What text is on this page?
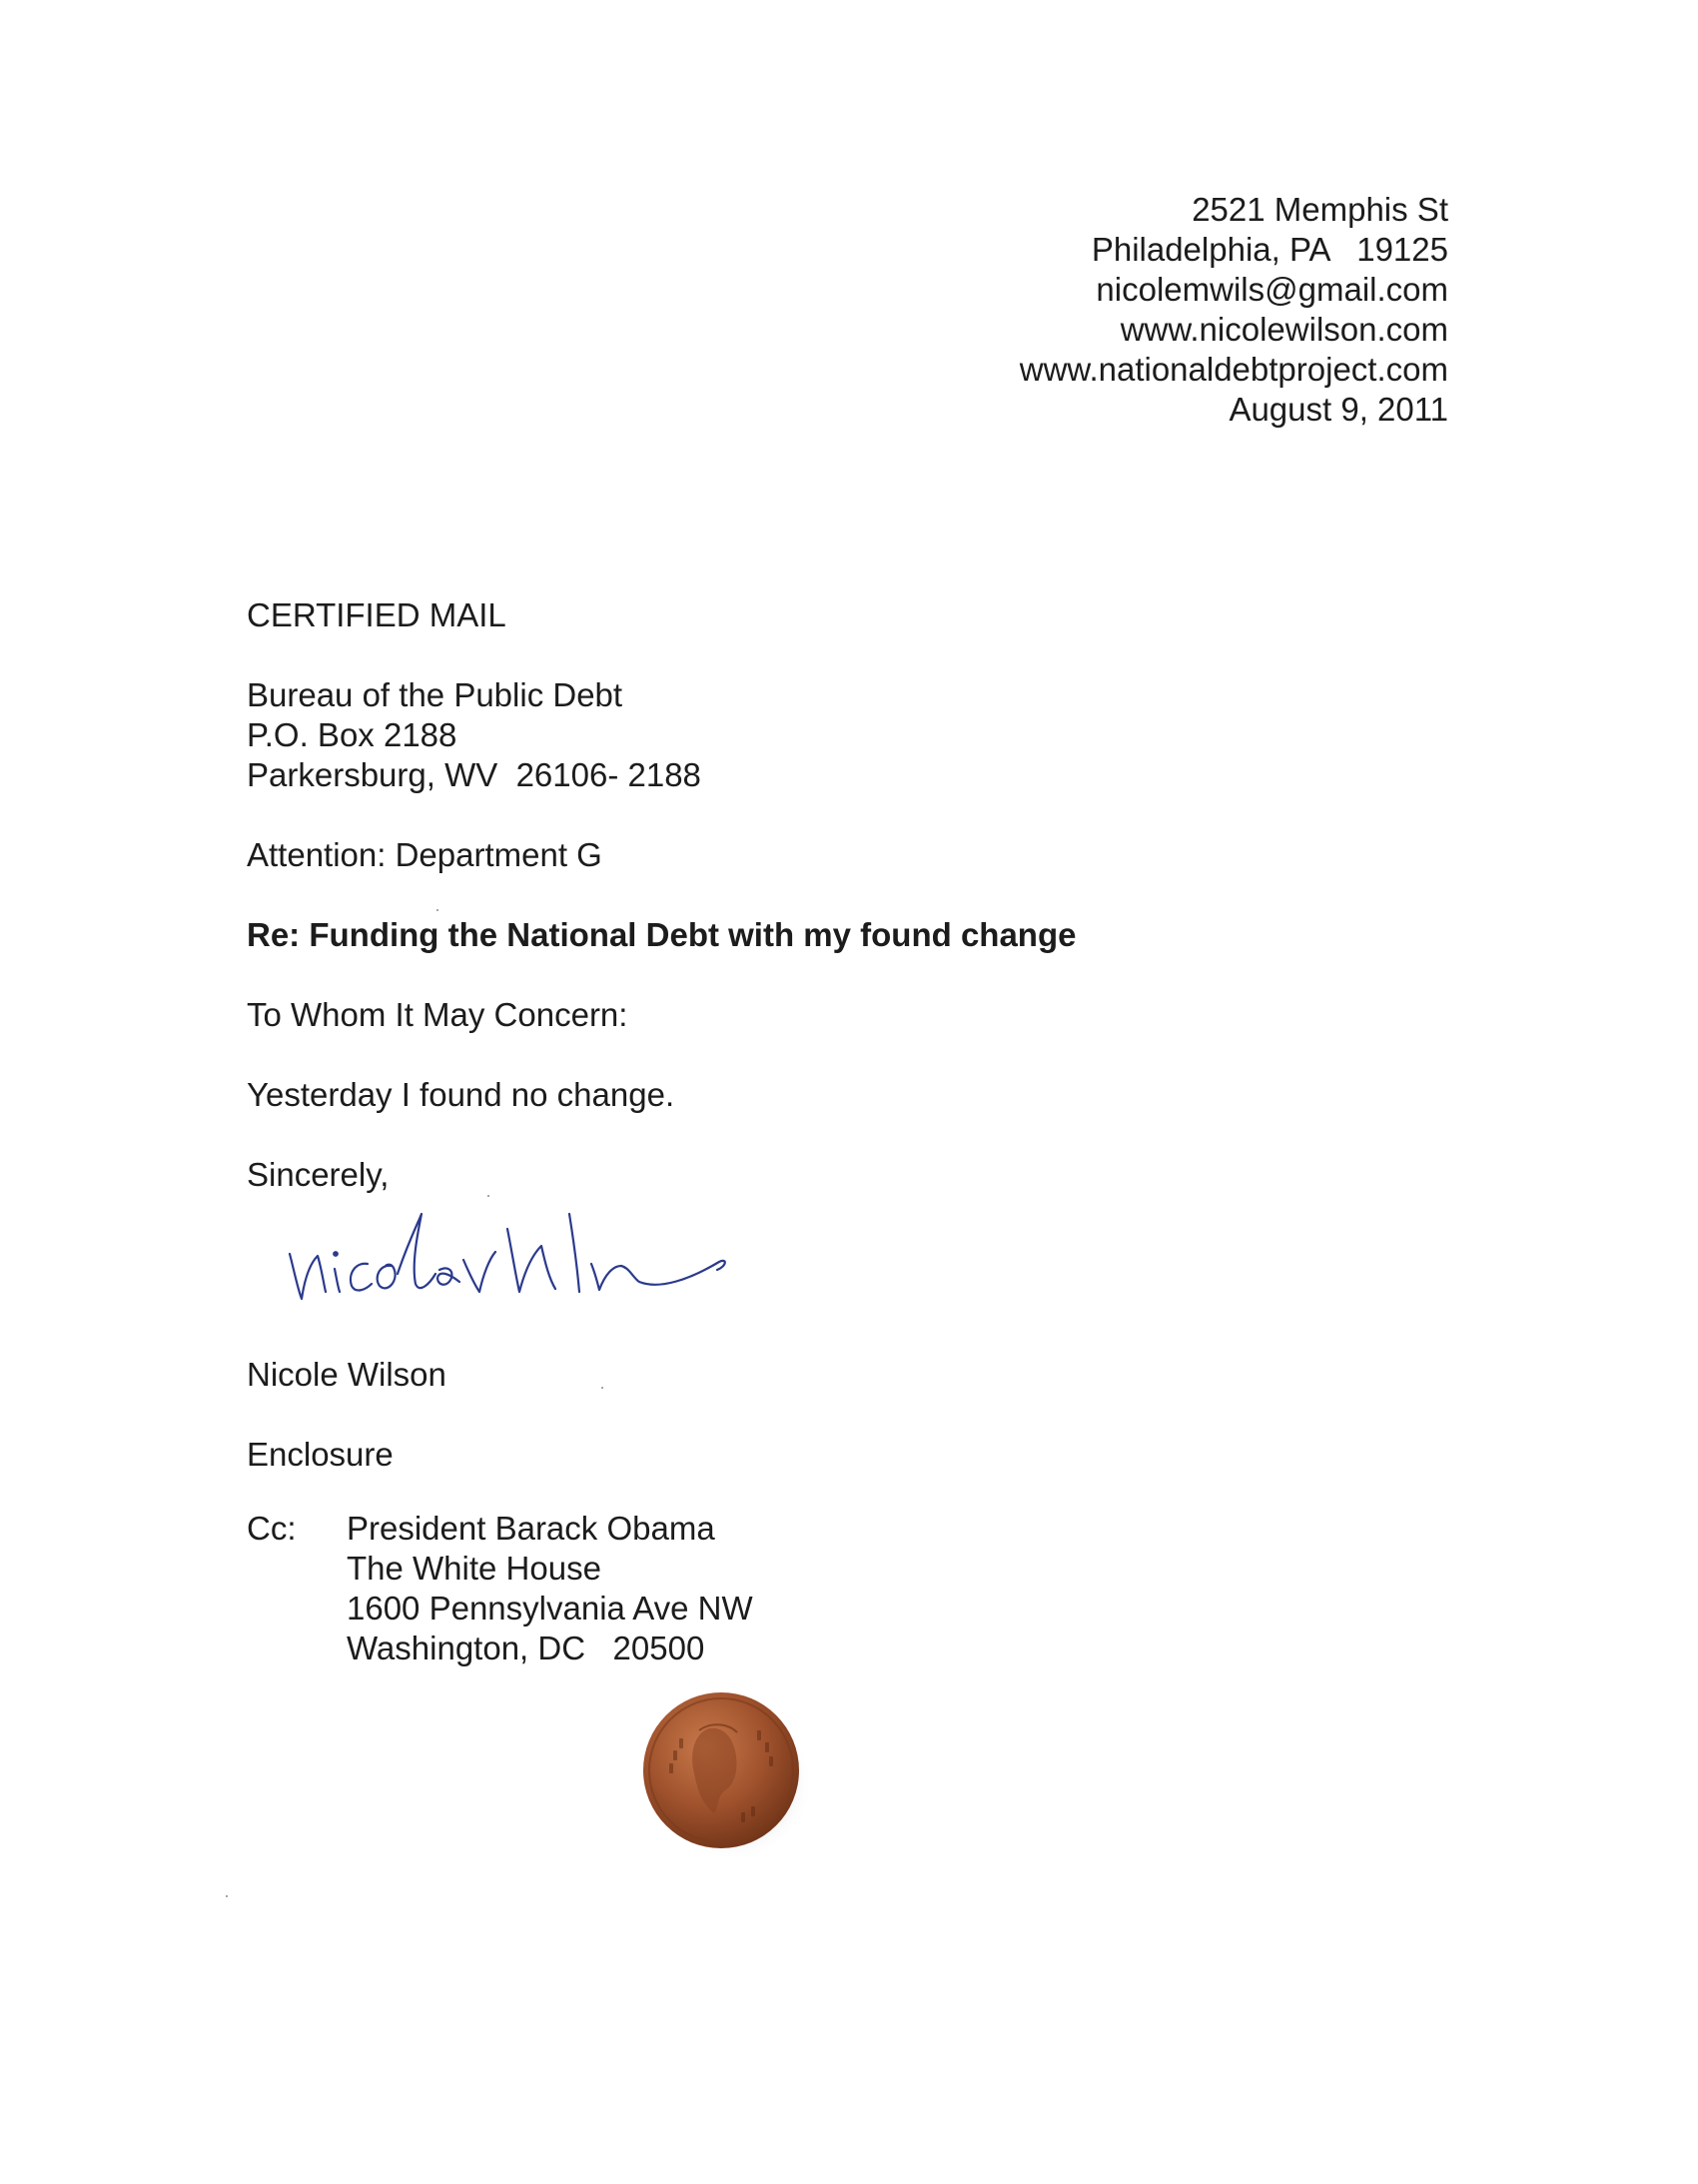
2521 Memphis St
Philadelphia, PA   19125
nicolemwils@gmail.com
www.nicolewilson.com
www.nationaldebtproject.com
August 9, 2011
CERTIFIED MAIL
Bureau of the Public Debt
P.O. Box 2188
Parkersburg, WV  26106- 2188
Attention: Department G
Re: Funding the National Debt with my found change
To Whom It May Concern:
Yesterday I found no change.
Sincerely,
Nicole Wilson
Enclosure
Cc: President Barack Obama
The White House
1600 Pennsylvania Ave NW
Washington, DC   20500
